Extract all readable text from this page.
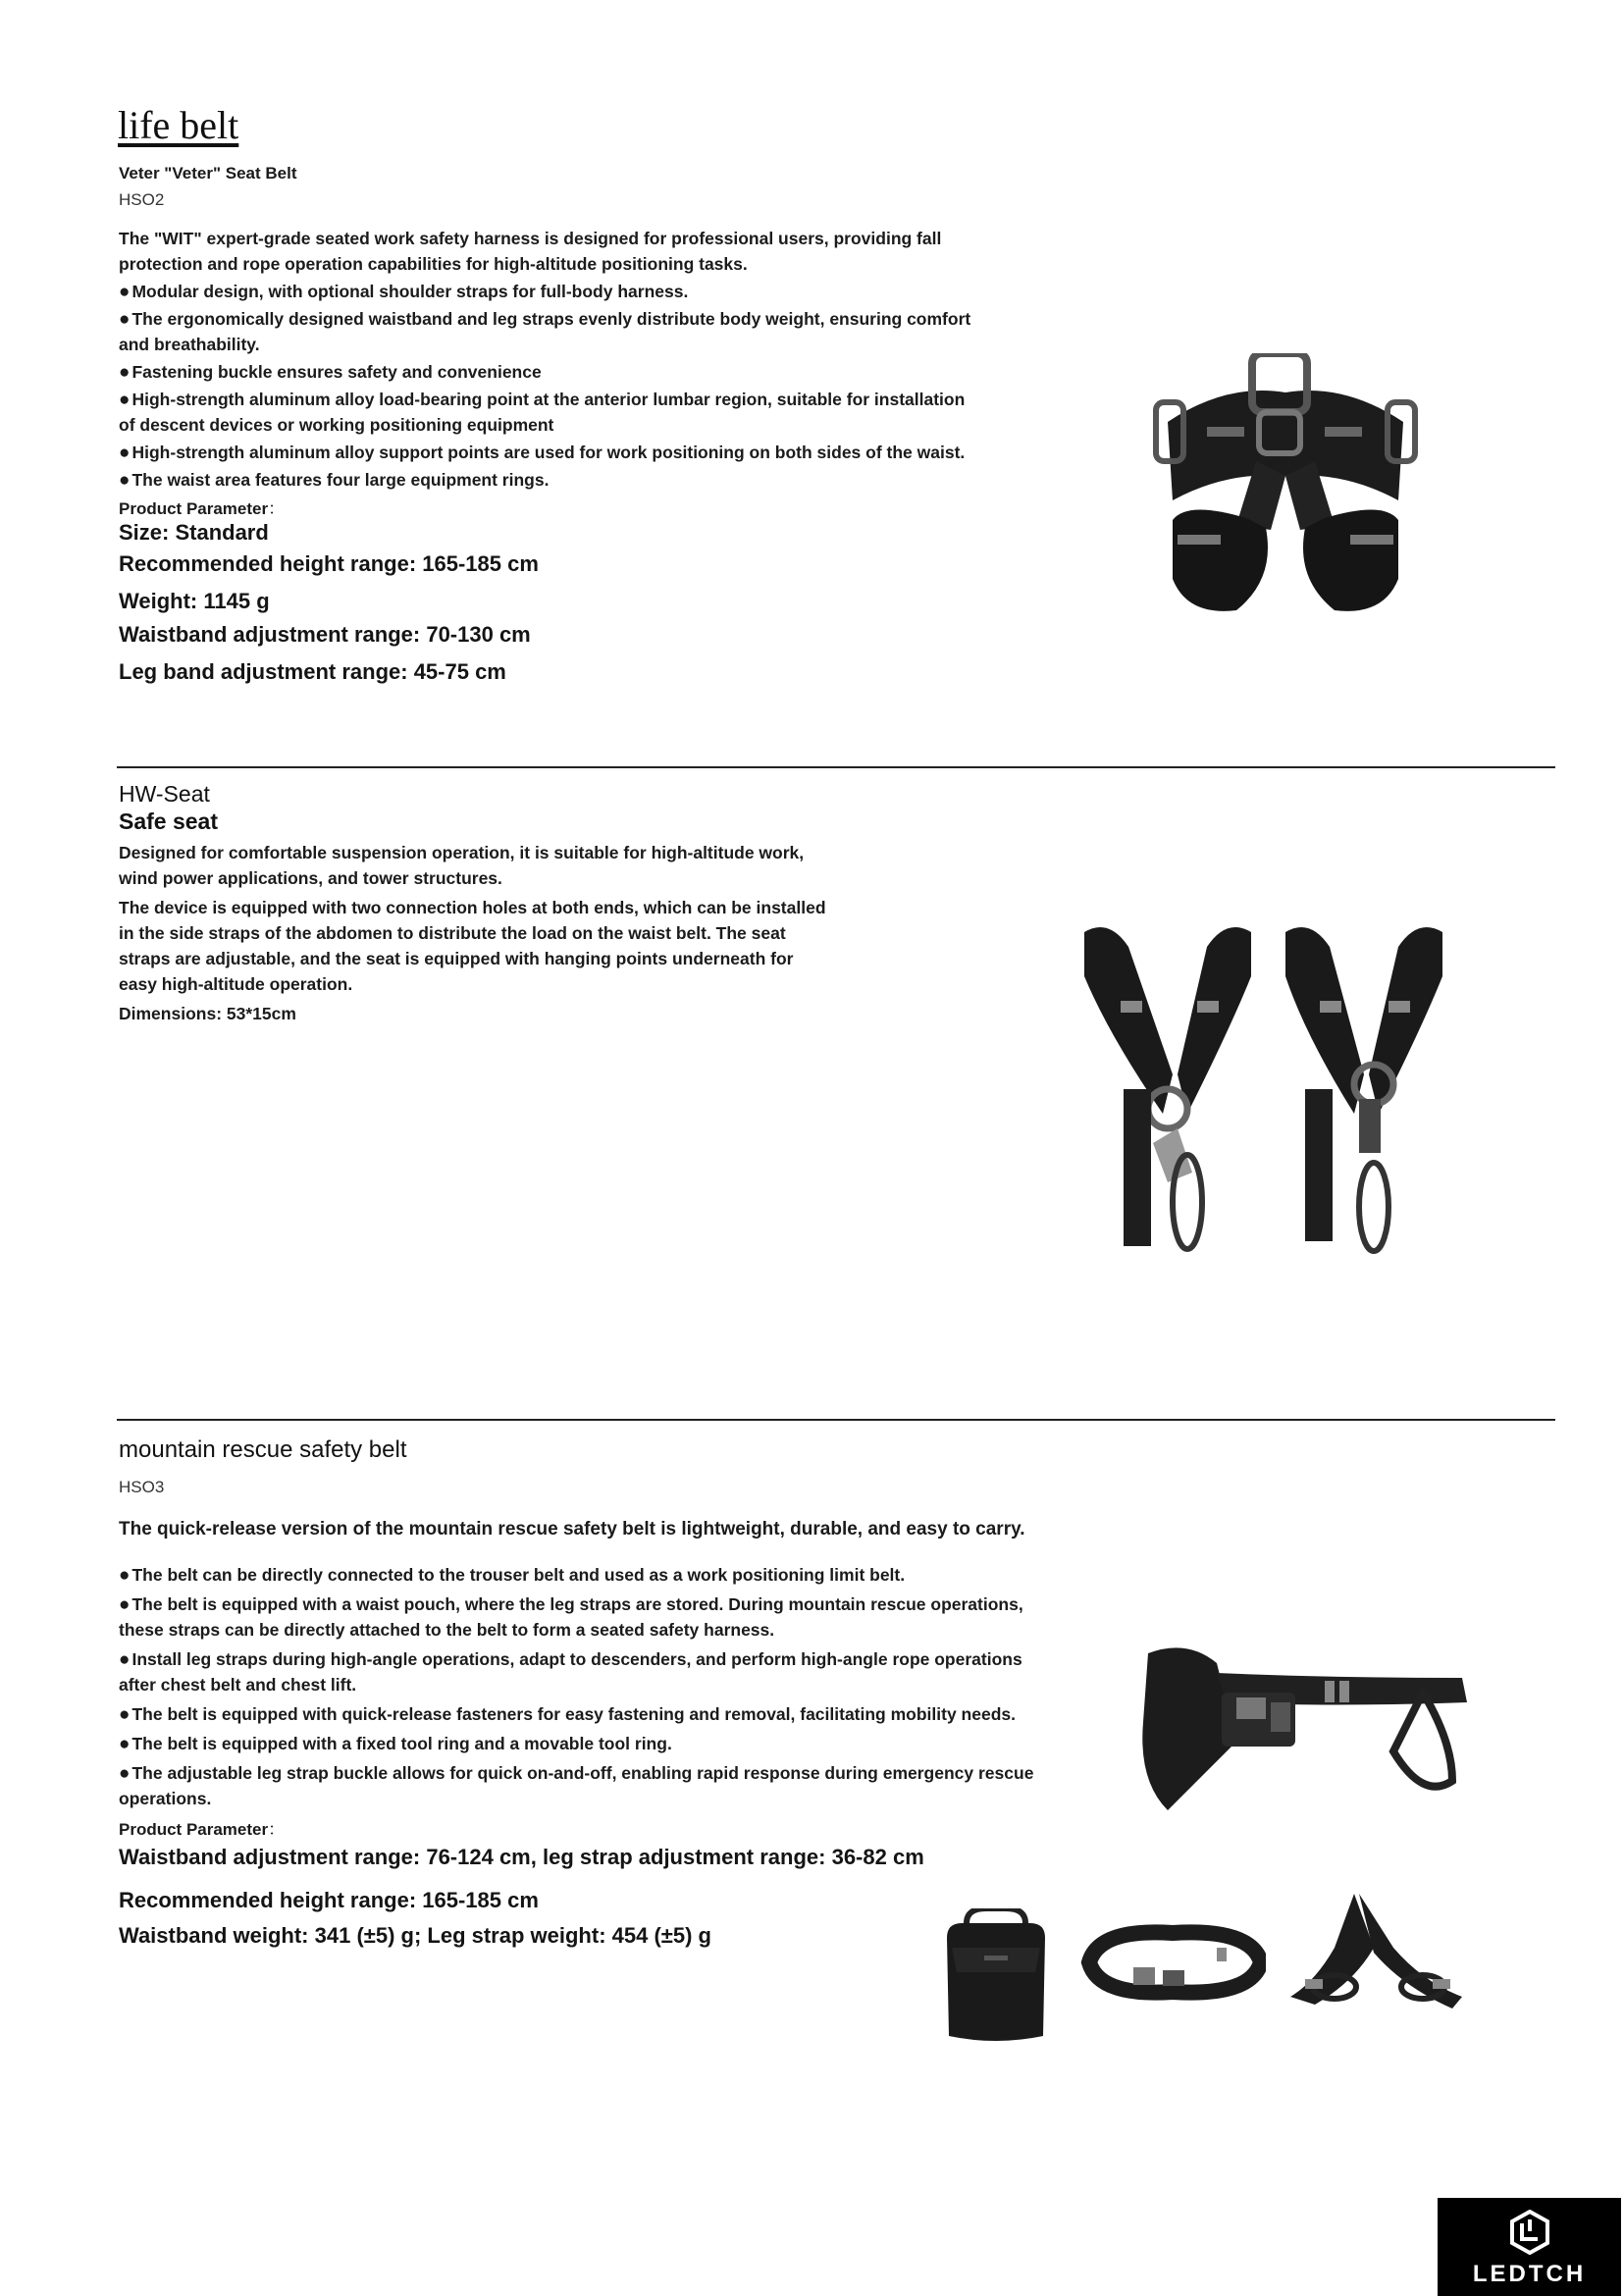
life belt
Veter "Veter" Seat Belt
HSO2
The "WIT" expert-grade seated work safety harness is designed for professional users, providing fall
protection and rope operation capabilities for high-altitude positioning tasks.
● Modular design, with optional shoulder straps for full-body harness.
● The ergonomically designed waistband and leg straps evenly distribute body weight, ensuring comfort
and breathability.
● Fastening buckle ensures safety and convenience
● High-strength aluminum alloy load-bearing point at the anterior lumbar region, suitable for installation
of descent devices or working positioning equipment
● High-strength aluminum alloy support points are used for work positioning on both sides of the waist.
● The waist area features four large equipment rings.
Product Parameter：
Size: Standard
Recommended height range: 165-185 cm
Weight: 1145 g
Waistband adjustment range: 70-130 cm
Leg band adjustment range: 45-75 cm
HW-Seat
Safe seat
Designed for comfortable suspension operation, it is suitable for high-altitude work,
wind power applications, and tower structures.
The device is equipped with two connection holes at both ends, which can be installed
in the side straps of the abdomen to distribute the load on the waist belt. The seat
straps are adjustable, and the seat is equipped with hanging points underneath for
easy high-altitude operation.
Dimensions: 53*15cm
mountain rescue safety belt
HSO3
The quick-release version of the mountain rescue safety belt is lightweight, durable, and easy to carry.
● The belt can be directly connected to the trouser belt and used as a work positioning limit belt.
● The belt is equipped with a waist pouch, where the leg straps are stored. During mountain rescue operations,
these straps can be directly attached to the belt to form a seated safety harness.
● Install leg straps during high-angle operations, adapt to descenders, and perform high-angle rope operations
after chest belt and chest lift.
● The belt is equipped with quick-release fasteners for easy fastening and removal, facilitating mobility needs.
● The belt is equipped with a fixed tool ring and a movable tool ring.
● The adjustable leg strap buckle allows for quick on-and-off, enabling rapid response during emergency rescue
operations.
Product Parameter：
Waistband adjustment range: 76-124 cm, leg strap adjustment range: 36-82 cm
Recommended height range: 165-185 cm
Waistband weight: 341 (±5) g; Leg strap weight: 454 (±5) g
LEDTCH
